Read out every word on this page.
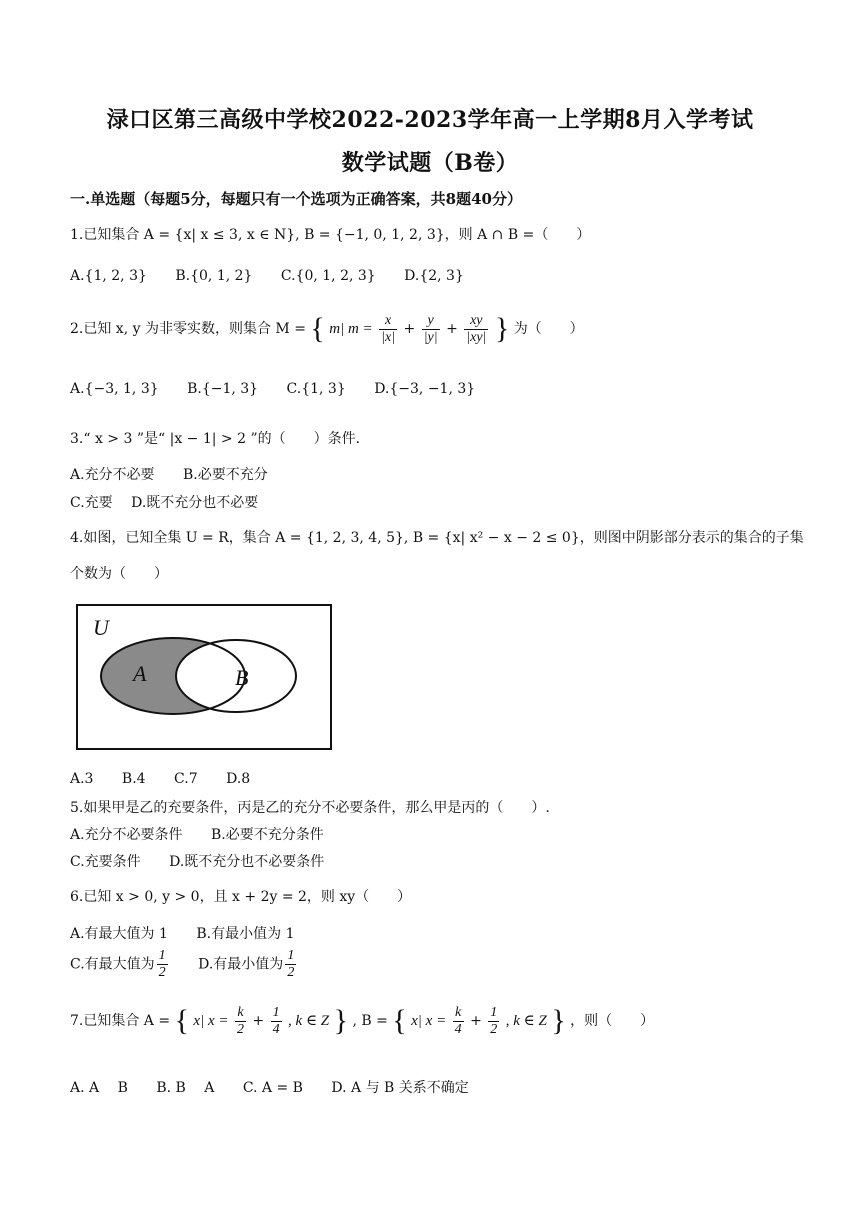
渌口区第三高级中学校2022-2023学年高一上学期8月入学考试
数学试题（B卷）
一.单选题（每题5分，每题只有一个选项为正确答案，共8题40分）
1.已知集合 A = {x| x ≤ 3, x ∈ N}, B = {−1, 0, 1, 2, 3}，则 A ∩ B =（　　）
A.{1, 2, 3} B.{0, 1, 2} C.{0, 1, 2, 3} D.{2, 3}
2.已知 x, y 为非零实数，则集合 M = { m| $m = \frac{x}{|x|} + \frac{y}{|y|} + \frac{xy}{|xy|}$ } 为（　　）
A.{−3, 1, 3} B.{−1, 3} C.{1, 3} D.{−3, −1, 3}
3.“ x > 3 ”是“ |x − 1| > 2 ”的（　　）条件.
A.充分不必要 B.必要不充分
C.充要 D.既不充分也不必要
4.如图，已知全集 U = R，集合 A = {1, 2, 3, 4, 5}, B = {x| x² − x − 2 ≤ 0}，则图中阴影部分表示的集合的子集
个数为（　　）
U
A	B
A.3 B.4 C.7 D.8
5.如果甲是乙的充要条件，丙是乙的充分不必要条件，那么甲是丙的（　　）.
A.充分不必要条件 B.必要不充分条件
C.充要条件 D.既不充分也不必要条件
6.已知 x > 0, y > 0，且 x + 2y = 2，则 xy（　　）
A.有最大值为 1 B.有最小值为 1
C.有最大值为 $\frac{1}{2} D$.有最小值为 $\frac{1}{2}$
7.已知集合 A = { x| $x = \frac{k}{2} + \frac{1}{4}$ , k ∈ Z } , B = { x| $x = \frac{k}{4} + \frac{1}{2}$ , k ∈ Z } ，则（　　）
A. A　 B B. B　 A C. A = B D. A 与 B 关系不确定
